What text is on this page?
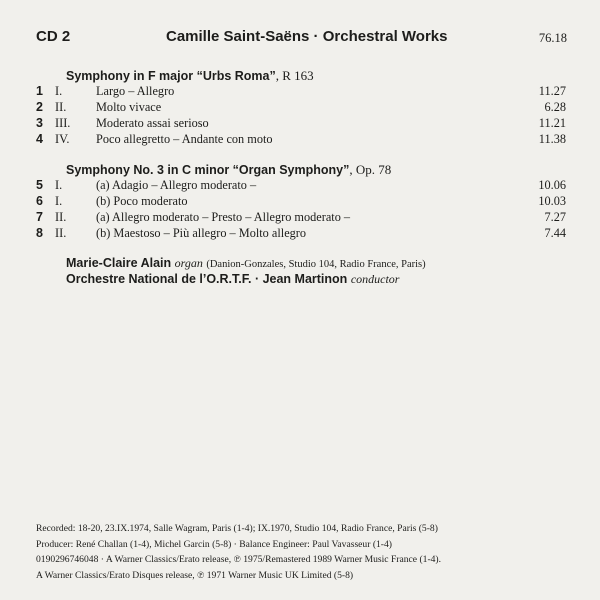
CD 2	Camille Saint-Saëns · Orchestral Works	76.18
Symphony in F major “Urbs Roma”, R 163
1 I.	Largo – Allegro	11.27
2 II. Molto vivace	6.28
3 III. Moderato assai serioso	11.21
4 IV. Poco allegretto – Andante con moto	11.38
Symphony No. 3 in C minor “Organ Symphony”, Op. 78
5 I.	(a) Adagio – Allegro moderato –	10.06
6 I.	(b) Poco moderato	10.03
7 II. (a) Allegro moderato – Presto – Allegro moderato –	7.27
8 II. (b) Maestoso – Più allegro – Molto allegro	7.44
Marie-Claire Alain organ (Danion-Gonzales, Studio 104, Radio France, Paris)
Orchestre National de l’O.R.T.F. · Jean Martinon conductor
Recorded: 18-20, 23.IX.1974, Salle Wagram, Paris (1-4); IX.1970, Studio 104, Radio France, Paris (5-8)
Producer: René Challan (1-4), Michel Garcin (5-8) · Balance Engineer: Paul Vavasseur (1-4)
0190296746048 · A Warner Classics/Erato release, ℗ 1975/Remastered 1989 Warner Music France (1-4).
A Warner Classics/Erato Disques release, ℗ 1971 Warner Music UK Limited (5-8)
